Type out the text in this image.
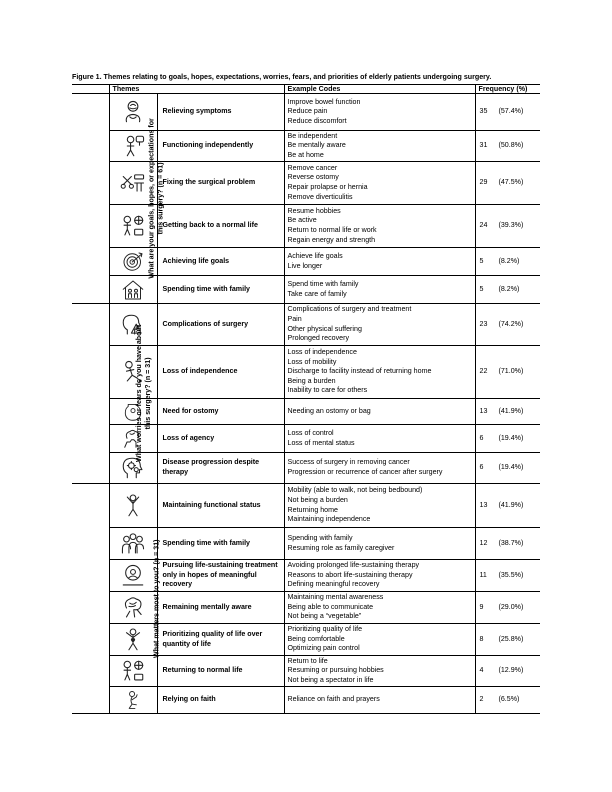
Figure 1. Themes relating to goals, hopes, expectations, worries, fears, and priorities of elderly patients undergoing surgery.
	Themes		Example Codes	Frequency (%)
What are your goals, hopes, or expectations for this surgery? (n = 61)		Relieving symptoms	Improve bowel function
Reduce pain
Reduce discomfort	35 (57.4%)

	Functioning independently	Be independent
Be mentally aware
Be at home	31 (50.8%)

	Fixing the surgical problem	Remove cancer
Reverse ostomy
Repair prolapse or hernia
Remove diverticulitis	29 (47.5%)

	Getting back to a normal life	Resume hobbies
Be active
Return to normal life or work
Regain energy and strength	24 (39.3%)

	Achieving life goals	Achieve life goals
Live longer	5 (8.2%)

	Spending time with family	Spend time with family
Take care of family	5 (8.2%)
What worries or fears do you have about this surgery? (n = 31)		Complications of surgery	Complications of surgery and treatment
Pain
Other physical suffering
Prolonged recovery	23 (74.2%)

	Loss of independence	Loss of independence
Loss of mobility
Discharge to facility instead of returning home
Being a burden
Inability to care for others	22 (71.0%)

	Need for ostomy	Needing an ostomy or bag	13 (41.9%)

	Loss of agency	Loss of control
Loss of mental status	6 (19.4%)

	Disease progression despite therapy	Success of surgery in removing cancer
Progression or recurrence of cancer after surgery	6 (19.4%)
What matters most to you? (n = 31)		Maintaining functional status	Mobility (able to walk, not being bedbound)
Not being a burden
Returning home
Maintaining independence	13 (41.9%)

	Spending time with family	Spending with family
Resuming role as family caregiver	12 (38.7%)

	Pursuing life-sustaining treatment only in hopes of meaningful recovery	Avoiding prolonged life-sustaining therapy
Reasons to abort life-sustaining therapy
Defining meaningful recovery	11 (35.5%)

	Remaining mentally aware	Maintaining mental awareness
Being able to communicate
Not being a “vegetable”	9 (29.0%)

	Prioritizing quality of life over quantity of life	Prioritizing quality of life
Being comfortable
Optimizing pain control	8 (25.8%)

	Returning to normal life	Return to life
Resuming or pursuing hobbies
Not being a spectator in life	4 (12.9%)

	Relying on faith	Reliance on faith and prayers	2 (6.5%)
